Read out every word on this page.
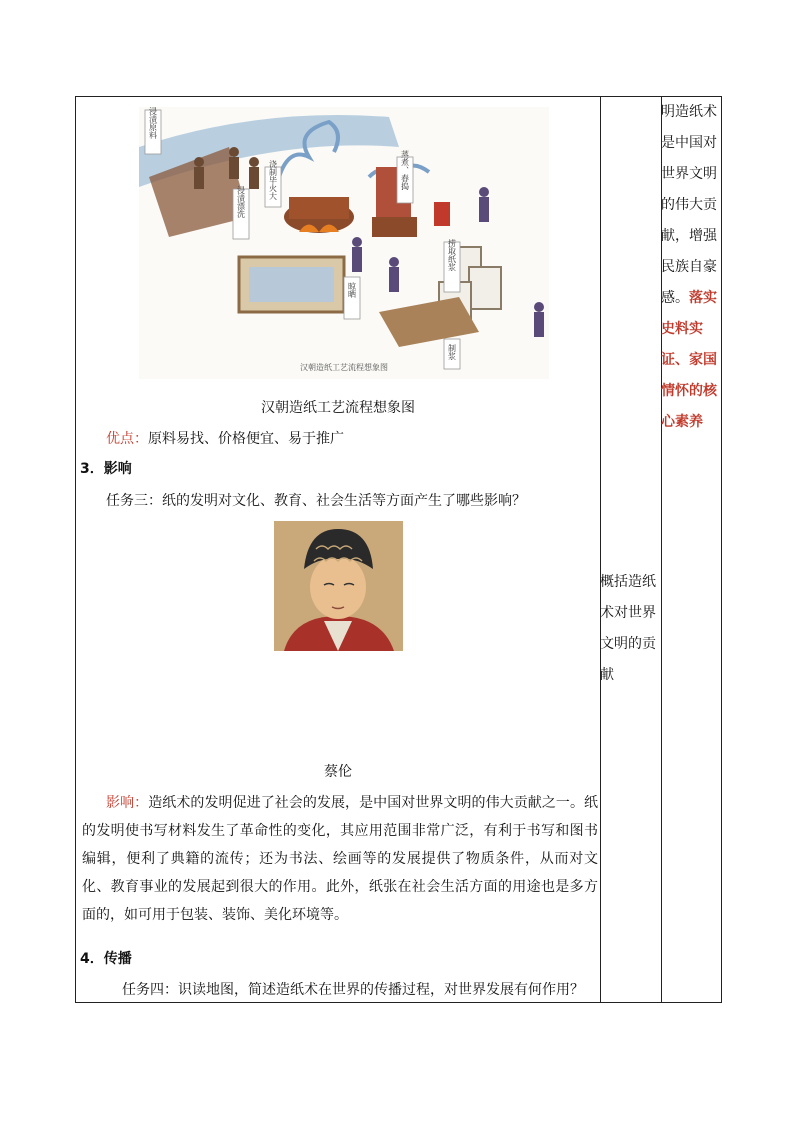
浸渍原料
浸渍漂洗
浇制毕火大	蒸煮、舂捣
捞取纸浆
晾晒
制浆
汉朝造纸工艺流程想象图
汉朝造纸工艺流程想象图
优点：原料易找、价格便宜、易于推广
3．影响
任务三：纸的发明对文化、教育、社会生活等方面产生了哪些影响？
蔡伦
影响：造纸术的发明促进了社会的发展，是中国对世界文明的伟大贡献之一。纸的发明使书写材料发生了革命性的变化，其应用范围非常广泛，有利于书写和图书编辑，便利了典籍的流传；还为书法、绘画等的发展提供了物质条件，从而对文化、教育事业的发展起到很大的作用。此外，纸张在社会生活方面的用途也是多方面的，如可用于包装、装饰、美化环境等。
4．传播
任务四：识读地图，简述造纸术在世界的传播过程，对世界发展有何作用？
概括造纸术对世界文明的贡献
明造纸术是中国对世界文明的伟大贡献，增强民族自豪感。落实史料实证、家国情怀的核心素养
